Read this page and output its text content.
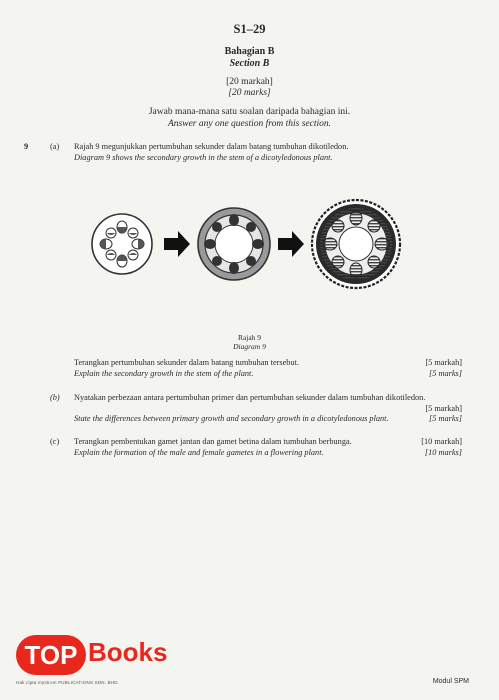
S1–29
Bahagian B
Section B
[20 markah]
[20 marks]
Jawab mana-mana satu soalan daripada bahagian ini.
Answer any one question from this section.
9	(a) Rajah 9 megunjukkan pertumbuhan sekunder dalam batang tumbuhan dikotiledon.
Diagram 9 shows the secondary growth in the stem of a dicotyledonous plant.
Rajah 9
Diagram 9
Terangkan pertumbuhan sekunder dalam batang tumbuhan tersebut.
Explain the secondary growth in the stem of the plant.
[5 markah]
[5 marks]
(b) Nyatakan perbezaan antara pertumbuhan primer dan pertumbuhan sekunder dalam tumbuhan dikotiledon.
[5 markah]
State the differences between primary growth and secondary growth in a dicotyledonous plant.	[5 marks]
(c) Terangkan pembentukan gamet jantan dan gamet betina dalam tumbuhan berbunga.
Explain the formation of the male and female gametes in a flowering plant.
[10 markah]
[10 marks]
TOP Books
Hak cipta mystrom PUBLICATIONS SDN. BHD.	Modul SPM
